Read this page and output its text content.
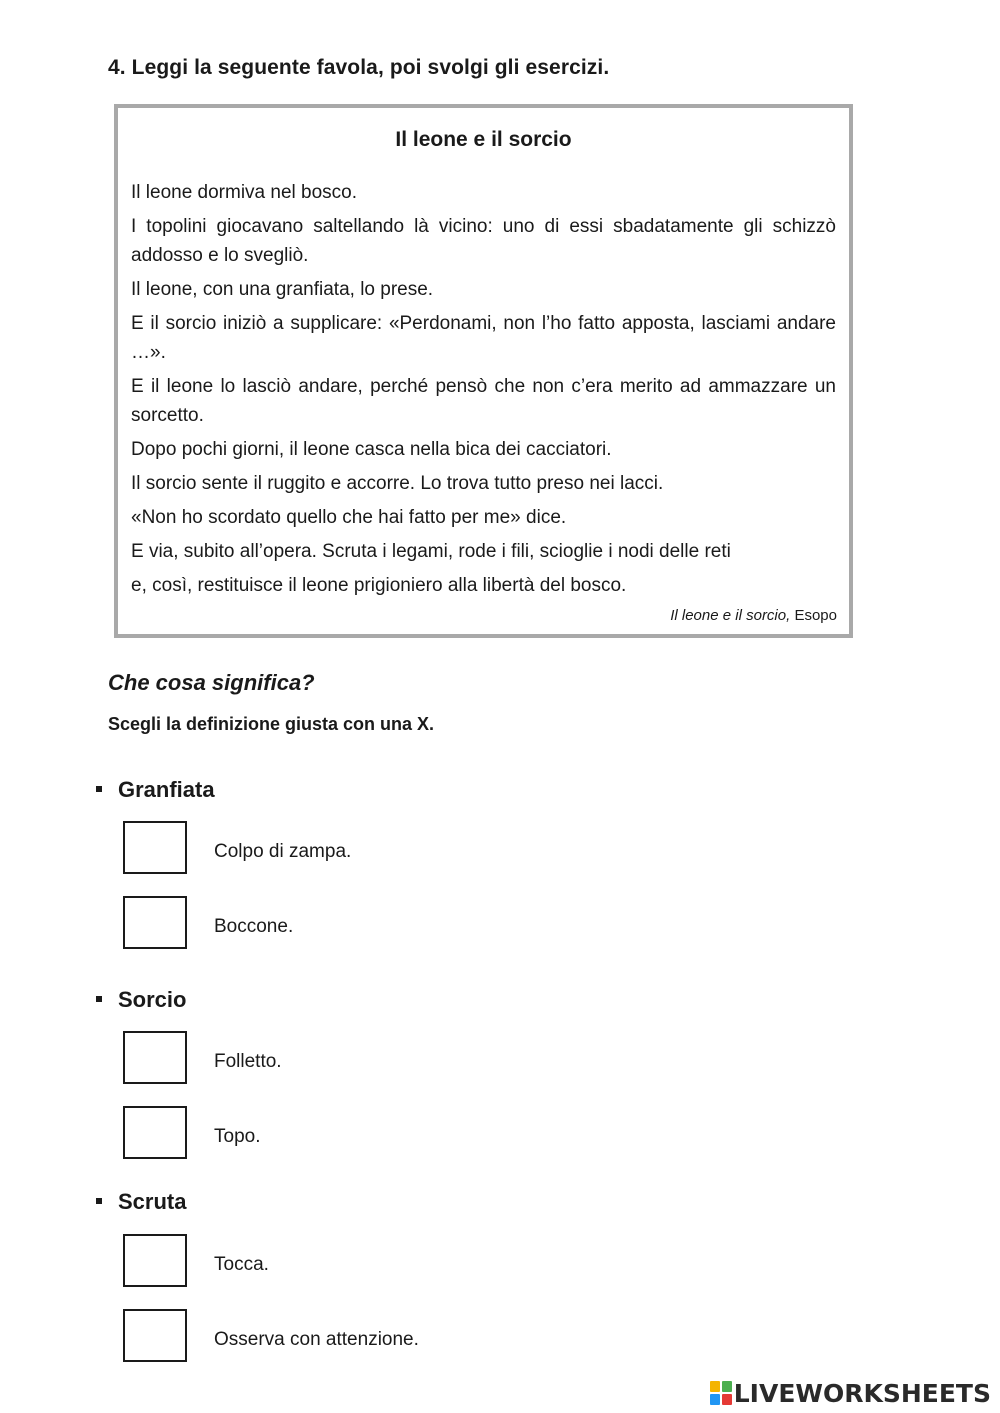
4. Leggi la seguente favola, poi svolgi gli esercizi.
Il leone e il sorcio

Il leone dormiva nel bosco.

I topolini giocavano saltellando là vicino: uno di essi sbadatamente gli schizzò addosso e lo svegliò.

Il leone, con una granfiata, lo prese.

E il sorcio iniziò a supplicare: «Perdonami, non l’ho fatto apposta, lasciami andare …».

E il leone lo lasciò andare, perché pensò che non c’era merito ad ammazzare un sorcetto.

Dopo pochi giorni, il leone casca nella bica dei cacciatori.

Il sorcio sente il ruggito e accorre. Lo trova tutto preso nei lacci.

«Non ho scordato quello che hai fatto per me» dice.

E via, subito all’opera. Scruta i legami, rode i fili, scioglie i nodi delle reti

e, così, restituisce il leone prigioniero alla libertà del bosco.

Il leone e il sorcio, Esopo
Che cosa significa?
Scegli la definizione giusta con una X.
Granfiata
Colpo di zampa.
Boccone.
Sorcio
Folletto.
Topo.
Scruta
Tocca.
Osserva con attenzione.
LIVEWORKSHEETS
